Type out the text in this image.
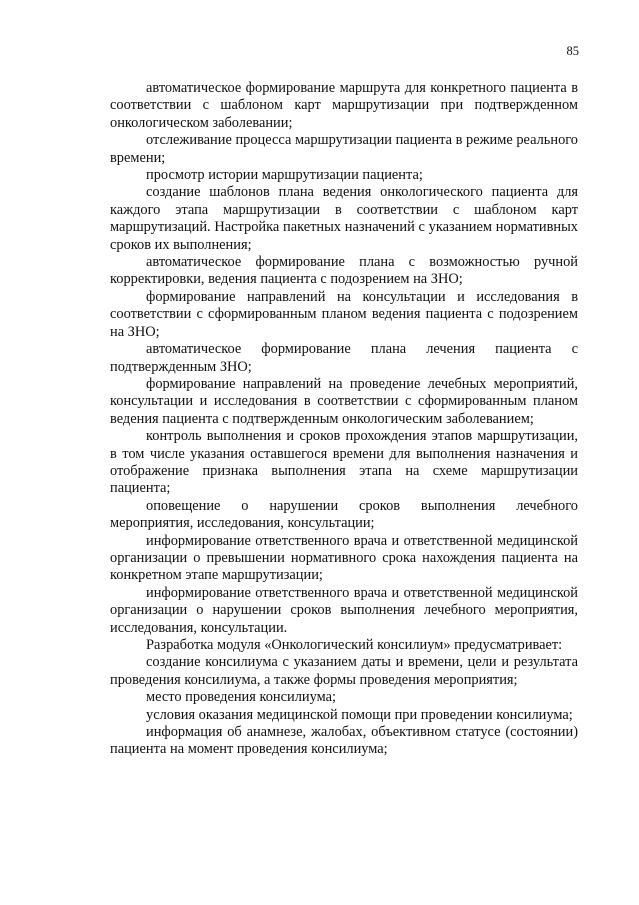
85

автоматическое формирование маршрута для конкретного пациента в соответствии с шаблоном карт маршрутизации при подтвержденном онкологическом заболевании;

отслеживание процесса маршрутизации пациента в режиме реального времени;

просмотр истории маршрутизации пациента;

создание шаблонов плана ведения онкологического пациента для каждого этапа маршрутизации в соответствии с шаблоном карт маршрутизаций. Настройка пакетных назначений с указанием нормативных сроков их выполнения;

автоматическое формирование плана с возможностью ручной корректировки, ведения пациента с подозрением на ЗНО;

формирование направлений на консультации и исследования в соответствии с сформированным планом ведения пациента с подозрением на ЗНО;

автоматическое формирование плана лечения пациента с подтвержденным ЗНО;

формирование направлений на проведение лечебных мероприятий, консультации и исследования в соответствии с сформированным планом ведения пациента с подтвержденным онкологическим заболеванием;

контроль выполнения и сроков прохождения этапов маршрутизации, в том числе указания оставшегося времени для выполнения назначения и отображение признака выполнения этапа на схеме маршрутизации пациента;

оповещение о нарушении сроков выполнения лечебного мероприятия, исследования, консультации;

информирование ответственного врача и ответственной медицинской организации о превышении нормативного срока нахождения пациента на конкретном этапе маршрутизации;

информирование ответственного врача и ответственной медицинской организации о нарушении сроков выполнения лечебного мероприятия, исследования, консультации.

Разработка модуля «Онкологический консилиум» предусматривает:

создание консилиума с указанием даты и времени, цели и результата проведения консилиума, а также формы проведения мероприятия;

место проведения консилиума;

условия оказания медицинской помощи при проведении консилиума;

информация об анамнезе, жалобах, объективном статусе (состоянии) пациента на момент проведения консилиума;
